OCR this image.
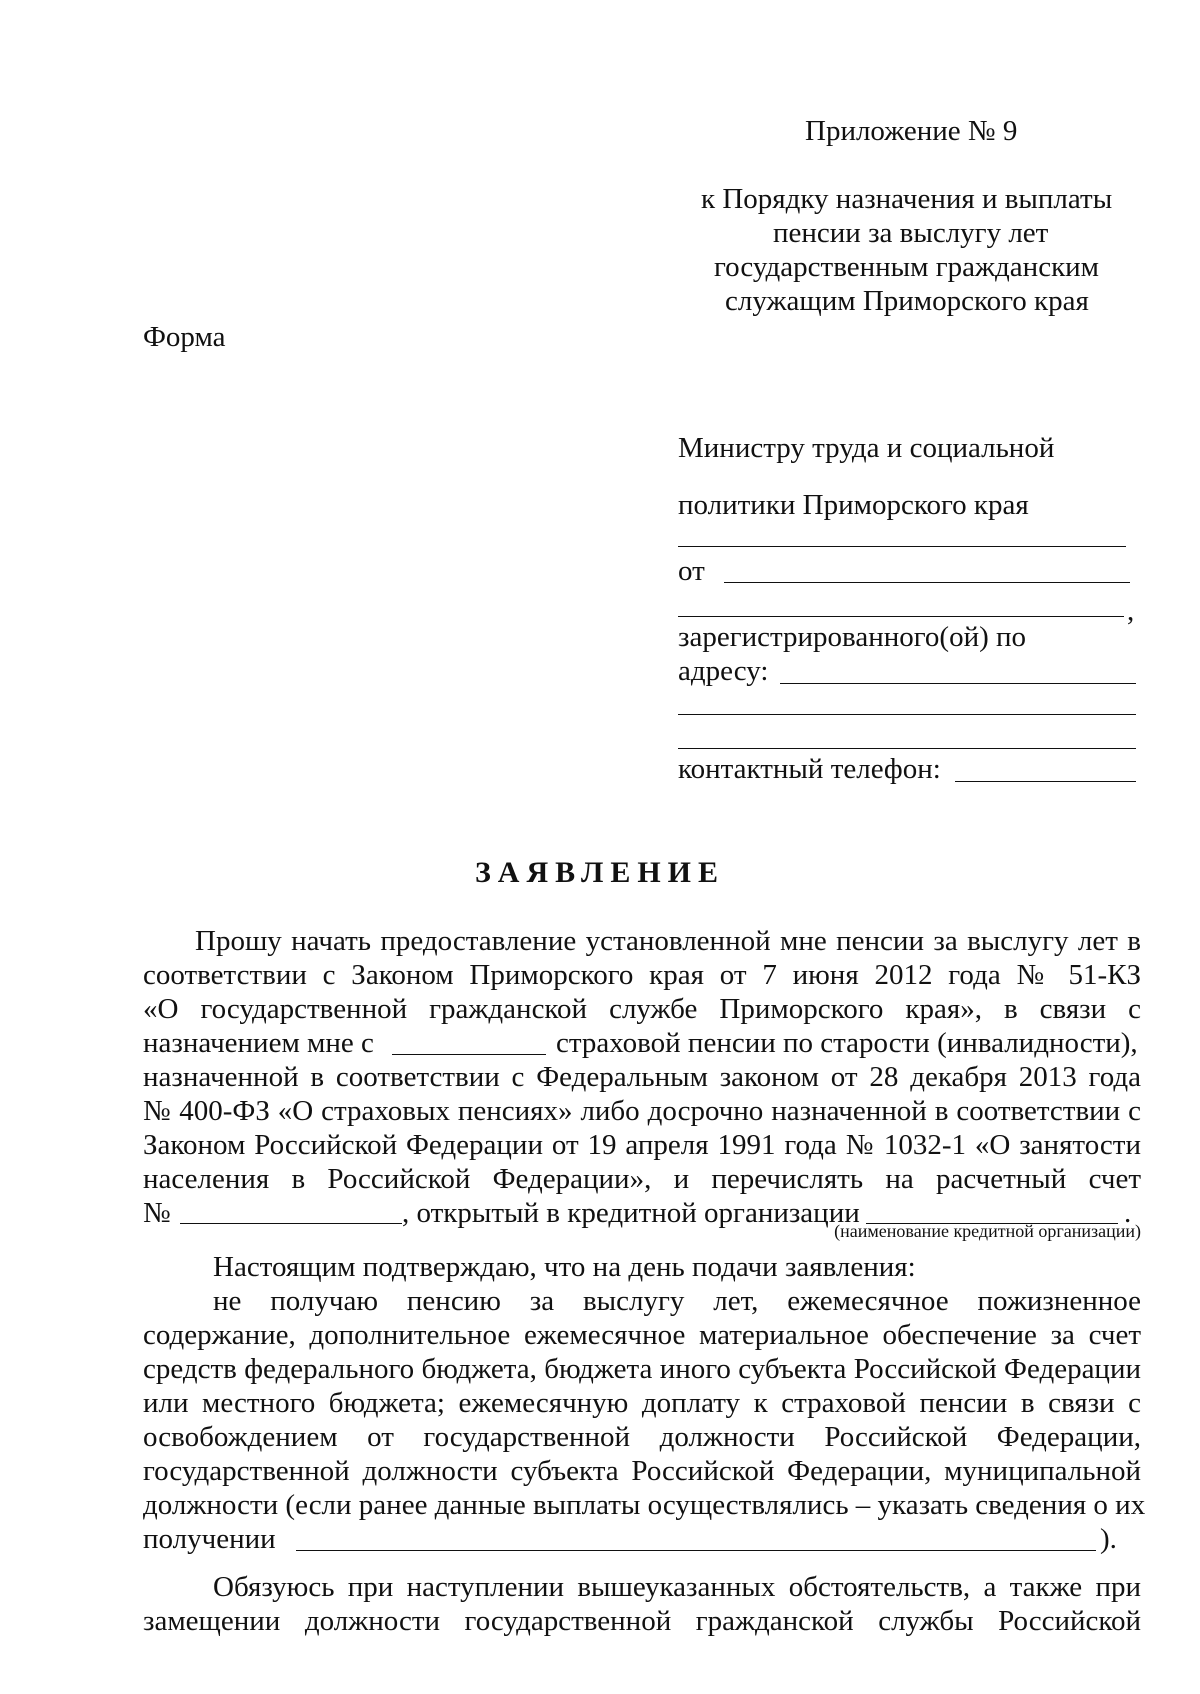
Приложение № 9
к Порядку назначения и выплаты
пенсии за выслугу лет
государственным гражданским
служащим Приморского края
Форма
Министру труда и социальной
политики Приморского края
от
,
зарегистрированного(ой) по
адресу:
контактный телефон:
ЗАЯВЛЕНИЕ
Прошу начать предоставление установленной мне пенсии за выслугу лет в
соответствии с Законом Приморского края от 7 июня 2012 года № 51-КЗ
«О государственной гражданской службе Приморского края», в связи с
назначением мне с	страховой пенсии по старости (инвалидности),
назначенной в соответствии с Федеральным законом от 28 декабря 2013 года
№ 400-ФЗ «О страховых пенсиях» либо досрочно назначенной в соответствии с
Законом Российской Федерации от 19 апреля 1991 года № 1032-1 «О занятости
населения в Российской Федерации», и перечислять на расчетный счет
№	, открытый в кредитной организации	.
(наименование кредитной организации)
Настоящим подтверждаю, что на день подачи заявления:
не получаю пенсию за выслугу лет, ежемесячное пожизненное
содержание, дополнительное ежемесячное материальное обеспечение за счет
средств федерального бюджета, бюджета иного субъекта Российской Федерации
или местного бюджета; ежемесячную доплату к страховой пенсии в связи с
освобождением от государственной должности Российской Федерации,
государственной должности субъекта Российской Федерации, муниципальной
должности (если ранее данные выплаты осуществлялись – указать сведения о их
получении	).
Обязуюсь при наступлении вышеуказанных обстоятельств, а также при
замещении должности государственной гражданской службы Российской
